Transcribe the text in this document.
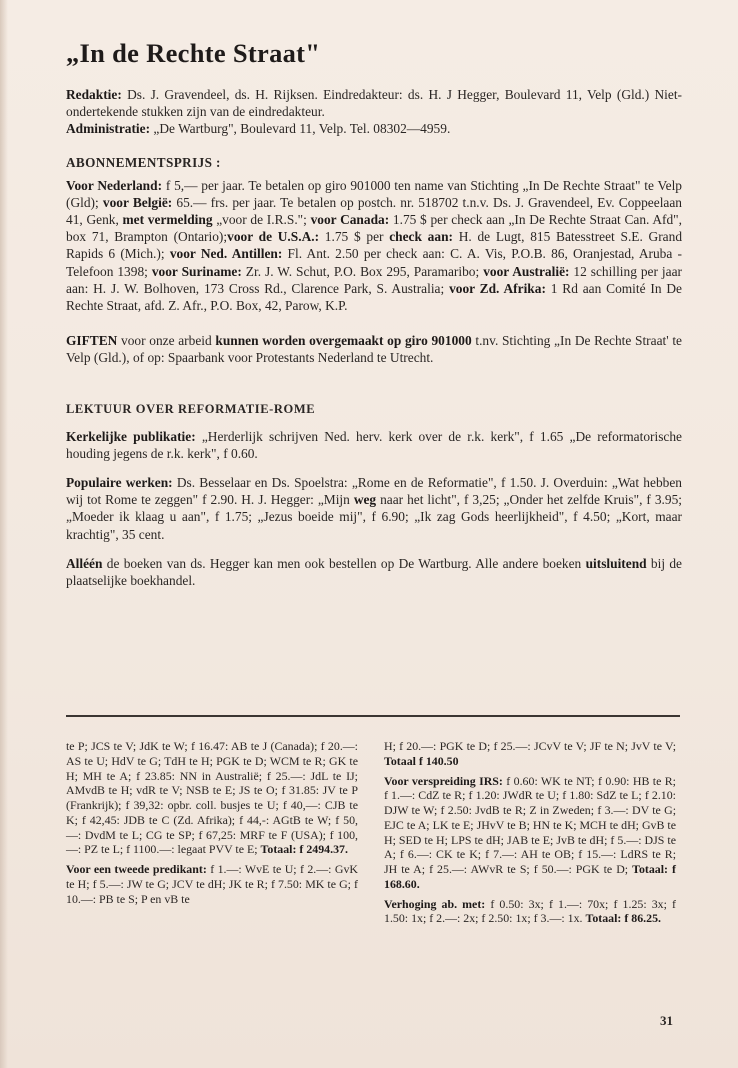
„In de Rechte Straat"

Redaktie: Ds. J. Gravendeel, ds. H. Rijksen. Eindredakteur: ds. H. J Hegger, Boulevard 11, Velp (Gld.) Niet-ondertekende stukken zijn van de eindredakteur.
Administratie: „De Wartburg", Boulevard 11, Velp. Tel. 08302—4959.

ABONNEMENTSPRIJS :

Voor Nederland: f 5,— per jaar. Te betalen op giro 901000 ten name van Stichting „In De Rechte Straat" te Velp (Gld); voor België: 65.— frs. per jaar. Te betalen op postch. nr. 518702 t.n.v. Ds. J. Gravendeel, Ev. Coppeelaan 41, Genk, met vermelding „voor de I.R.S."; voor Canada: 1.75 $ per check aan „In De Rechte Straat Can. Afd", box 71, Brampton (Ontario);voor de U.S.A.: 1.75 $ per check aan: H. de Lugt, 815 Batesstreet S.E. Grand Rapids 6 (Mich.); voor Ned. Antillen: Fl. Ant. 2.50 per check aan: C. A. Vis, P.O.B. 86, Oranjestad, Aruba - Telefoon 1398; voor Suriname: Zr. J. W. Schut, P.O. Box 295, Paramaribo; voor Australië: 12 schilling per jaar aan: H. J. W. Bolhoven, 173 Cross Rd., Clarence Park, S. Australia; voor Zd. Afrika: 1 Rd aan Comité In De Rechte Straat, afd. Z. Afr., P.O. Box, 42, Parow, K.P.

GIFTEN voor onze arbeid kunnen worden overgemaakt op giro 901000 t.nv. Stichting „In De Rechte Straat' te Velp (Gld.), of op: Spaarbank voor Protestants Nederland te Utrecht.

LEKTUUR OVER REFORMATIE-ROME

Kerkelijke publikatie: „Herderlijk schrijven Ned. herv. kerk over de r.k. kerk", f 1.65 „De reformatorische houding jegens de r.k. kerk", f 0.60.

Populaire werken: Ds. Besselaar en Ds. Spoelstra: „Rome en de Reformatie", f 1.50. J. Overduin: „Wat hebben wij tot Rome te zeggen" f 2.90. H. J. Hegger: „Mijn weg naar het licht", f 3,25; „Onder het zelfde Kruis", f 3.95; „Moeder ik klaag u aan", f 1.75; „Jezus boeide mij", f 6.90; „Ik zag Gods heerlijkheid", f 4.50; „Kort, maar krachtig", 35 cent.

Alléén de boeken van ds. Hegger kan men ook bestellen op De Wartburg. Alle andere boeken uitsluitend bij de plaatselijke boekhandel.

te P; JCS te V; JdK te W; f 16.47: AB te J (Canada); f 20.—: AS te U; HdV te G; TdH te H; PGK te D; WCM te R; GK te H; MH te A; f 23.85: NN in Australië; f 25.—: JdL te IJ; AMvdB te H; vdR te V; NSB te E; JS te O; f 31.85: JV te P (Frankrijk); f 39,32: opbr. coll. busjes te U; f 40,—: CJB te K; f 42,45: JDB te C (Zd. Afrika); f 44,-: AGtB te W; f 50,—: DvdM te L; CG te SP; f 67,25: MRF te F (USA); f 100,—: PZ te L; f 1100.—: legaat PVV te E; Totaal: f 2494.37.

Voor een tweede predikant: f 1.—: WvE te U; f 2.—: GvK te H; f 5.—: JW te G; JCV te dH; JK te R; f 7.50: MK te G; f 10.—: PB te S; P en vB te

H; f 20.—: PGK te D; f 25.—: JCvV te V; JF te N; JvV te V; Totaal f 140.50

Voor verspreiding IRS: f 0.60: WK te NT; f 0.90: HB te R; f 1.—: CdZ te R; f 1.20: JWdR te U; f 1.80: SdZ te L; f 2.10: DJW te W; f 2.50: JvdB te R; Z in Zweden; f 3.—: DV te G; EJC te A; LK te E; JHvV te B; HN te K; MCH te dH; GvB te H; SED te H; LPS te dH; JAB te E; JvB te dH; f 5.—: DJS te A; f 6.—: CK te K; f 7.—: AH te OB; f 15.—: LdRS te R; JH te A; f 25.—: AWvR te S; f 50.—: PGK te D; Totaal: f 168.60.

Verhoging ab. met: f 0.50: 3x; f 1.—: 70x; f 1.25: 3x; f 1.50: 1x; f 2.—: 2x; f 2.50: 1x; f 3.—: 1x. Totaal: f 86.25.

31
